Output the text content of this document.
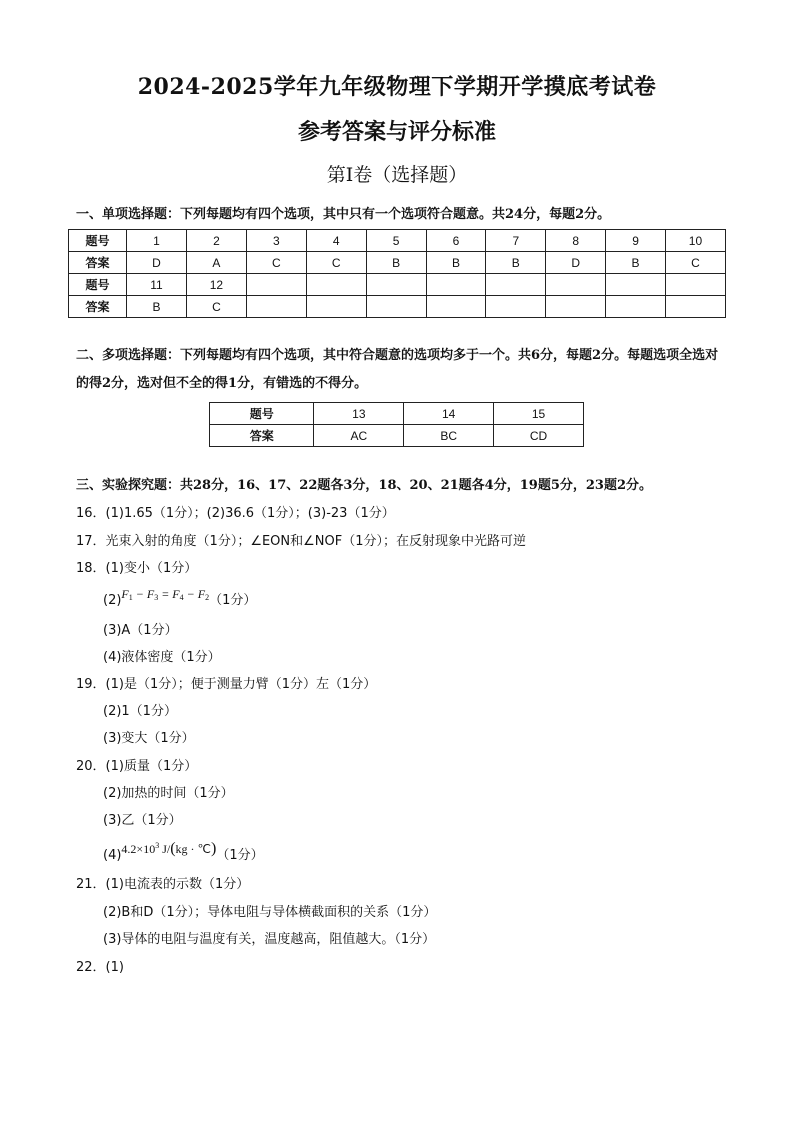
2024-2025学年九年级物理下学期开学摸底考试卷
参考答案与评分标准
第Ⅰ卷（选择题）
一、单项选择题：下列每题均有四个选项，其中只有一个选项符合题意。共24分，每题2分。
题号	1	2	3	4	5	6	7	8	9	10
答案	D	A	C	C	B	B	B	D	B	C
题号	11	12								
答案	B	C								
二、多项选择题：下列每题均有四个选项，其中符合题意的选项均多于一个。共6分，每题2分。每题选项全选对的得2分，选对但不全的得1分，有错选的不得分。
题号	13	14	15
答案	AC	BC	CD
三、实验探究题：共28分，16、17、22题各3分，18、20、21题各4分，19题5分，23题2分。
16．(1)1.65（1分）；(2)36.6（1分）；(3)-23（1分）
17．光束入射的角度（1分）；∠EON和∠NOF（1分）；在反射现象中光路可逆
18．(1)变小（1分）
$(2)F_1 - F_3 = F_4 - F_2(1$分）
(3)A（1分）
(4)液体密度（1分）
19．(1)是（1分）；便于测量力臂（1分）左（1分）
(2)1（1分）
(3)变大（1分）
20．(1)质量（1分）
(2)加热的时间（1分）
(3)乙（1分）
$(4)4.2\times 10^3$ J/(kg · ℃)（1分）
21．(1)电流表的示数（1分）
(2)B和D（1分）；导体电阻与导体横截面积的关系（1分）
(3)导体的电阻与温度有关，温度越高，阻值越大。（1分）
22．(1)
